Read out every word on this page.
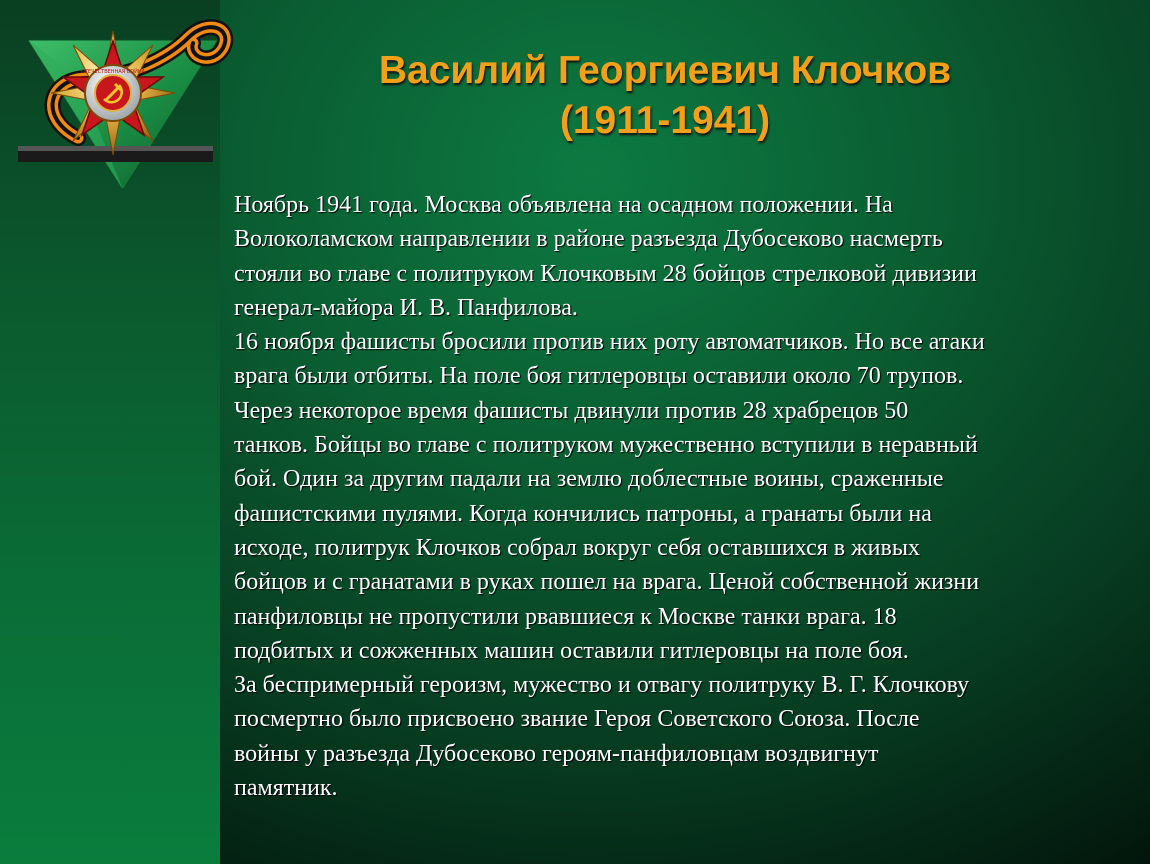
ОТЕЧЕСТВЕННАЯ ВОЙНА	Василий Георгиевич Клочков
(1911-1941)
Ноябрь 1941 года. Москва объявлена на осадном положении. На
Волоколамском направлении в районе разъезда Дубосеково насмерть
стояли во главе с политруком Клочковым 28 бойцов стрелковой дивизии
генерал-майора И. В. Панфилова.
16 ноября фашисты бросили против них роту автоматчиков. Но все атаки
врага были отбиты. На поле боя гитлеровцы оставили около 70 трупов.
Через некоторое время фашисты двинули против 28 храбрецов 50
танков. Бойцы во главе с политруком мужественно вступили в неравный
бой. Один за другим падали на землю доблестные воины, сраженные
фашистскими пулями. Когда кончились патроны, а гранаты были на
исходе, политрук Клочков собрал вокруг себя оставшихся в живых
бойцов и с гранатами в руках пошел на врага. Ценой собственной жизни
панфиловцы не пропустили рвавшиеся к Москве танки врага. 18
подбитых и сожженных машин оставили гитлеровцы на поле боя.
За беспримерный героизм, мужество и отвагу политруку В. Г. Клочкову
посмертно было присвоено звание Героя Советского Союза. После
войны у разъезда Дубосеково героям-панфиловцам воздвигнут
памятник.
